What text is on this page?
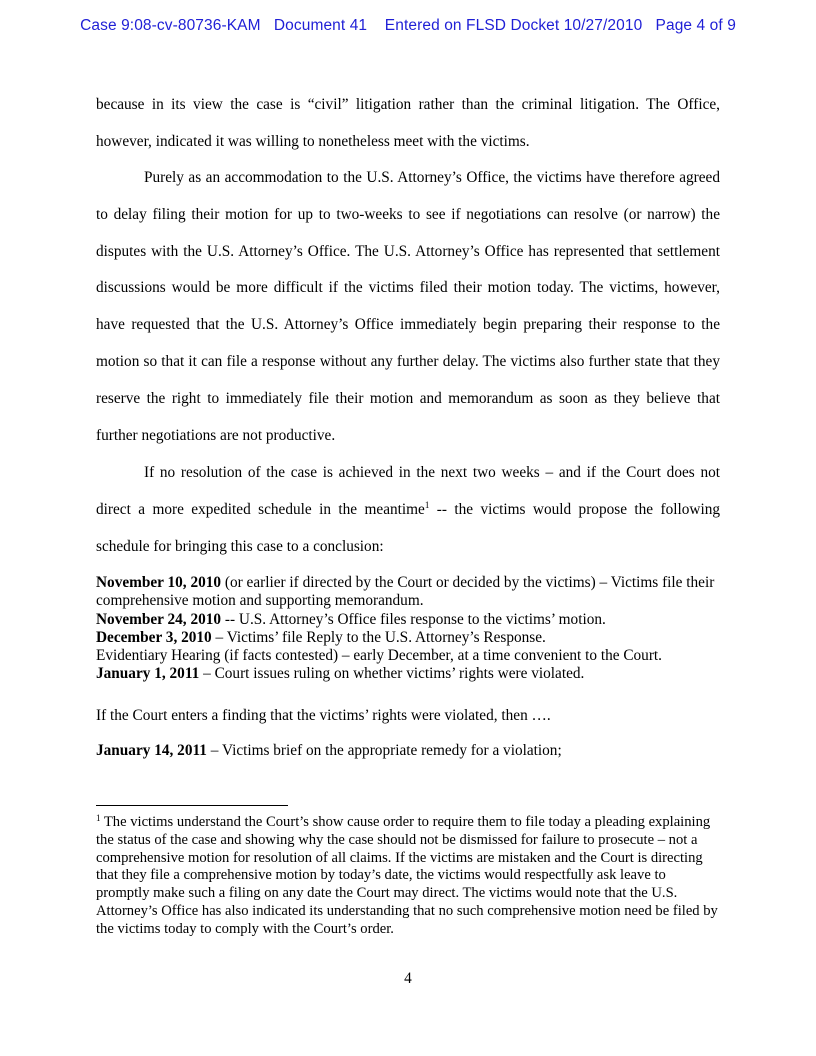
Case 9:08-cv-80736-KAM Document 41 Entered on FLSD Docket 10/27/2010 Page 4 of 9
because in its view the case is “civil” litigation rather than the criminal litigation. The Office, however, indicated it was willing to nonetheless meet with the victims.
Purely as an accommodation to the U.S. Attorney’s Office, the victims have therefore agreed to delay filing their motion for up to two-weeks to see if negotiations can resolve (or narrow) the disputes with the U.S. Attorney’s Office. The U.S. Attorney’s Office has represented that settlement discussions would be more difficult if the victims filed their motion today. The victims, however, have requested that the U.S. Attorney’s Office immediately begin preparing their response to the motion so that it can file a response without any further delay. The victims also further state that they reserve the right to immediately file their motion and memorandum as soon as they believe that further negotiations are not productive.
If no resolution of the case is achieved in the next two weeks – and if the Court does not direct a more expedited schedule in the meantime$^1$ -- the victims would propose the following schedule for bringing this case to a conclusion:

November 10, 2010 (or earlier if directed by the Court or decided by the victims) – Victims file their comprehensive motion and supporting memorandum.

November 24, 2010 -- U.S. Attorney’s Office files response to the victims’ motion.

December 3, 2010 – Victims’ file Reply to the U.S. Attorney’s Response.

Evidentiary Hearing (if facts contested) – early December, at a time convenient to the Court.

January 1, 2011 – Court issues ruling on whether victims’ rights were violated.

If the Court enters a finding that the victims’ rights were violated, then ….
January 14, 2011 – Victims brief on the appropriate remedy for a violation;
$^1$ The victims understand the Court’s show cause order to require them to file today a pleading explaining the status of the case and showing why the case should not be dismissed for failure to prosecute – not a comprehensive motion for resolution of all claims. If the victims are mistaken and the Court is directing that they file a comprehensive motion by today’s date, the victims would respectfully ask leave to promptly make such a filing on any date the Court may direct. The victims would note that the U.S. Attorney’s Office has also indicated its understanding that no such comprehensive motion need be filed by the victims today to comply with the Court’s order.
4
